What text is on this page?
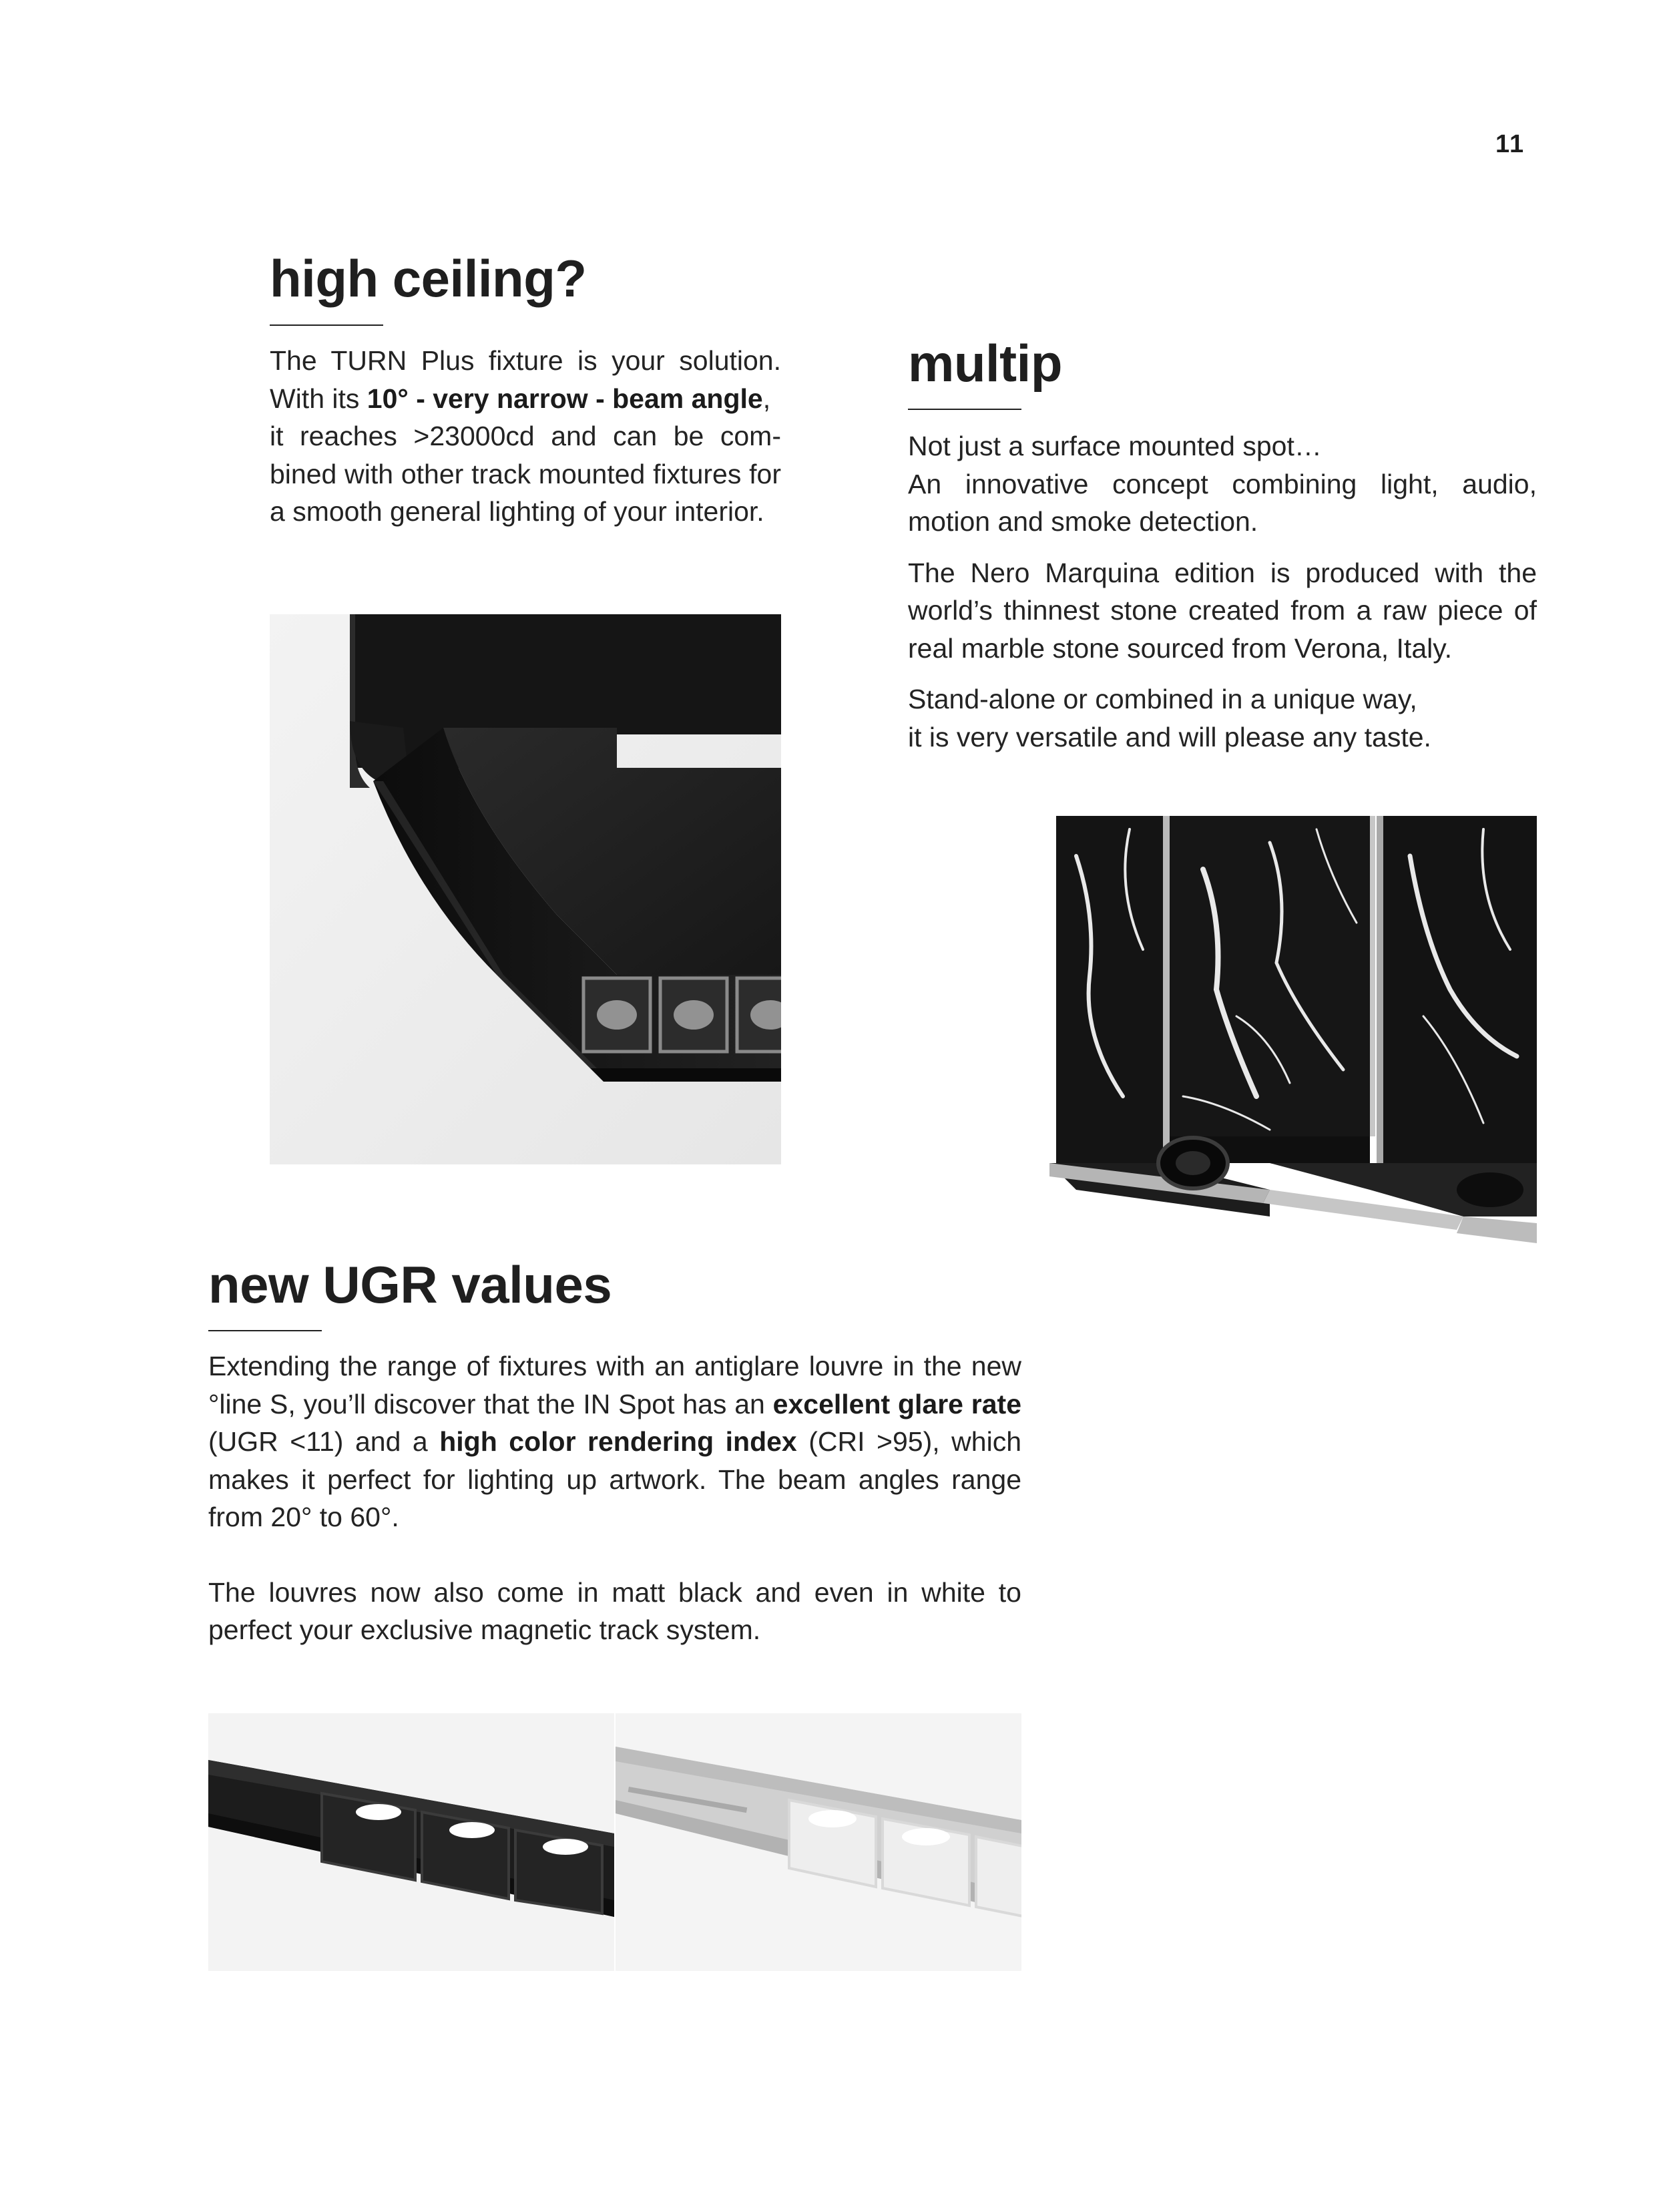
11
high ceiling?

The TURN Plus fixture is your solution.

With its 10° - very narrow - beam angle,

it reaches >23000cd and can be com-bined with other track mounted fixtures for a smooth general lighting of your interior.

multip

Not just a surface mounted spot…

An innovative concept combining light, audio, motion and smoke detection.

The Nero Marquina edition is produced with the world’s thinnest stone created from a raw piece of real marble stone sourced from Verona, Italy.

Stand-alone or combined in a unique way,

it is very versatile and will please any taste.

new UGR values

Extending the range of fixtures with an antiglare louvre in the new °line S, you’ll discover that the IN Spot has an excellent glare rate (UGR <11) and a high color rendering index (CRI >95), which makes it perfect for lighting up artwork. The beam angles range from 20° to 60°.

The louvres now also come in matt black and even in white to perfect your exclusive magnetic track system.
